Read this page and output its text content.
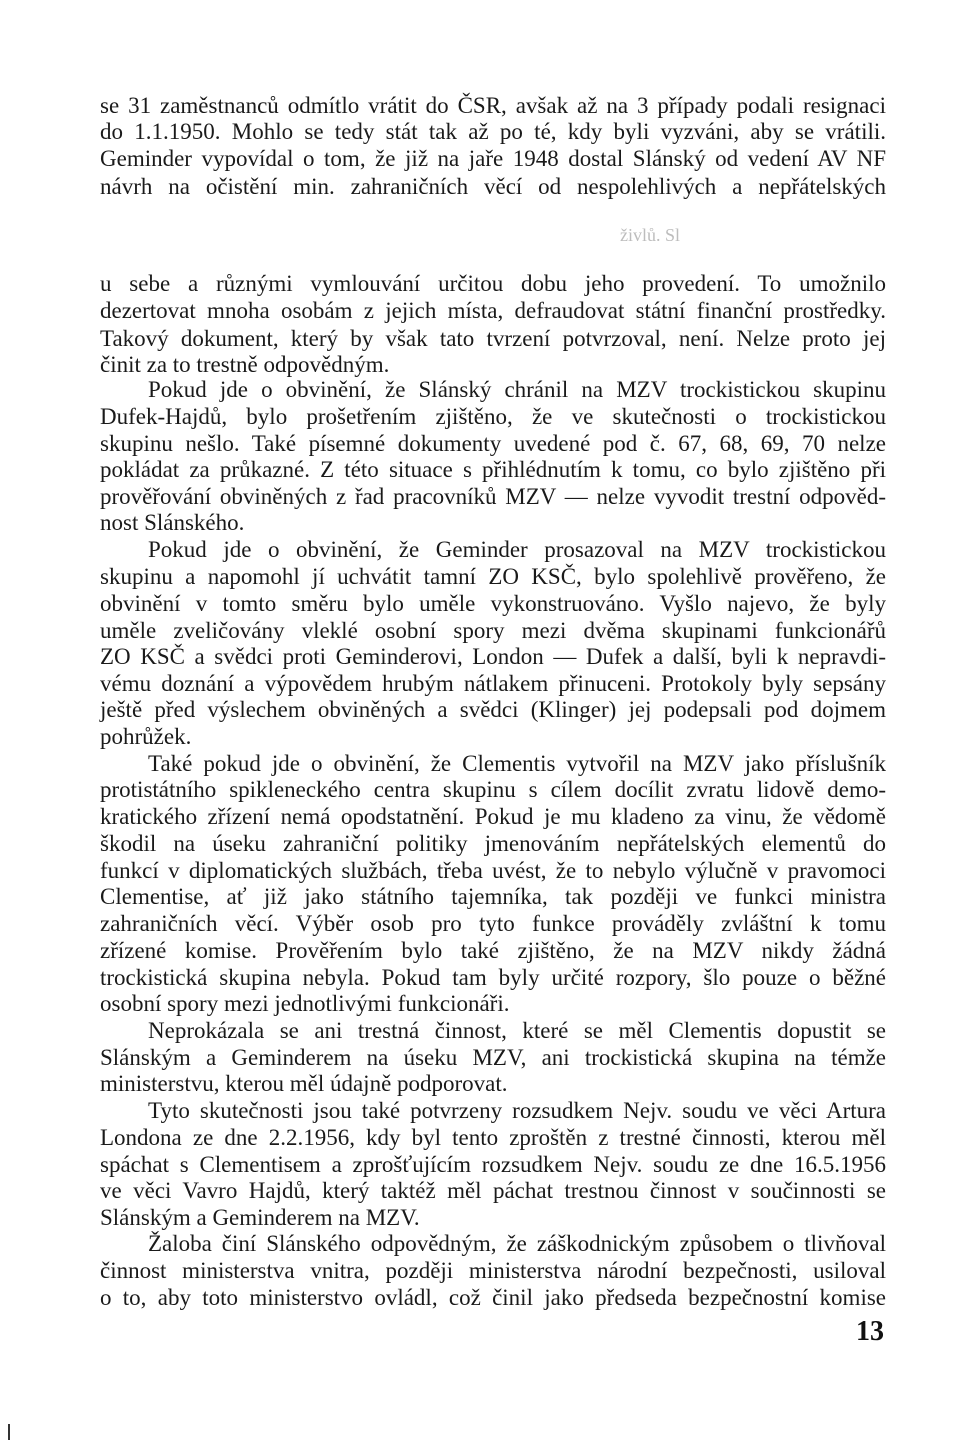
živlů. Sl
se 31 zaměstnanců odmítlo vrátit do ČSR, avšak až na 3 případy podali resignaci
do 1.1.1950. Mohlo se tedy stát tak až po té, kdy byli vyzváni, aby se vrátili.
Geminder vypovídal o tom, že již na jaře 1948 dostal Slánský od vedení AV NF
návrh na očistění min. zahraničních věcí od nespolehlivých a nepřátelských
u sebe a různými vymlouvání určitou dobu jeho provedení. To umožnilo
dezertovat mnoha osobám z jejich místa, defraudovat státní finanční prostředky.
Takový dokument, který by však tato tvrzení potvrzoval, není. Nelze proto jej
činit za to trestně odpovědným.
Pokud jde o obvinění, že Slánský chránil na MZV trockistickou skupinu
Dufek-Hajdů, bylo prošetřením zjištěno, že ve skutečnosti o trockistickou
skupinu nešlo. Také písemné dokumenty uvedené pod č. 67, 68, 69, 70 nelze
pokládat za průkazné. Z této situace s přihlédnutím k tomu, co bylo zjištěno při
prověřování obviněných z řad pracovníků MZV — nelze vyvodit trestní odpověd-
nost Slánského.
Pokud jde o obvinění, že Geminder prosazoval na MZV trockistickou
skupinu a napomohl jí uchvátit tamní ZO KSČ, bylo spolehlivě prověřeno, že
obvinění v tomto směru bylo uměle vykonstruováno. Vyšlo najevo, že byly
uměle zveličovány vleklé osobní spory mezi dvěma skupinami funkcionářů
ZO KSČ a svědci proti Geminderovi, London — Dufek a další, byli k nepravdi-
vému doznání a výpovědem hrubým nátlakem přinuceni. Protokoly byly sepsány
ještě před výslechem obviněných a svědci (Klinger) jej podepsali pod dojmem
pohrůžek.
Také pokud jde o obvinění, že Clementis vytvořil na MZV jako příslušník
protistátního spikleneckého centra skupinu s cílem docílit zvratu lidově demo-
kratického zřízení nemá opodstatnění. Pokud je mu kladeno za vinu, že vědomě
škodil na úseku zahraniční politiky jmenováním nepřátelských elementů do
funkcí v diplomatických službách, třeba uvést, že to nebylo výlučně v pravomoci
Clementise, ať již jako státního tajemníka, tak později ve funkci ministra
zahraničních věcí. Výběr osob pro tyto funkce prováděly zvláštní k tomu
zřízené komise. Prověřením bylo také zjištěno, že na MZV nikdy žádná
trockistická skupina nebyla. Pokud tam byly určité rozpory, šlo pouze o běžné
osobní spory mezi jednotlivými funkcionáři.
Neprokázala se ani trestná činnost, které se měl Clementis dopustit se
Slánským a Geminderem na úseku MZV, ani trockistická skupina na témže
ministerstvu, kterou měl údajně podporovat.
Tyto skutečnosti jsou také potvrzeny rozsudkem Nejv. soudu ve věci Artura
Londona ze dne 2.2.1956, kdy byl tento zproštěn z trestné činnosti, kterou měl
spáchat s Clementisem a zprošťujícím rozsudkem Nejv. soudu ze dne 16.5.1956
ve věci Vavro Hajdů, který taktéž měl páchat trestnou činnost v součinnosti se
Slánským a Geminderem na MZV.
Žaloba činí Slánského odpovědným, že záškodnickým způsobem o tlivňoval
činnost ministerstva vnitra, později ministerstva národní bezpečnosti, usiloval
o to, aby toto ministerstvo ovládl, což činil jako předseda bezpečnostní komise
13
